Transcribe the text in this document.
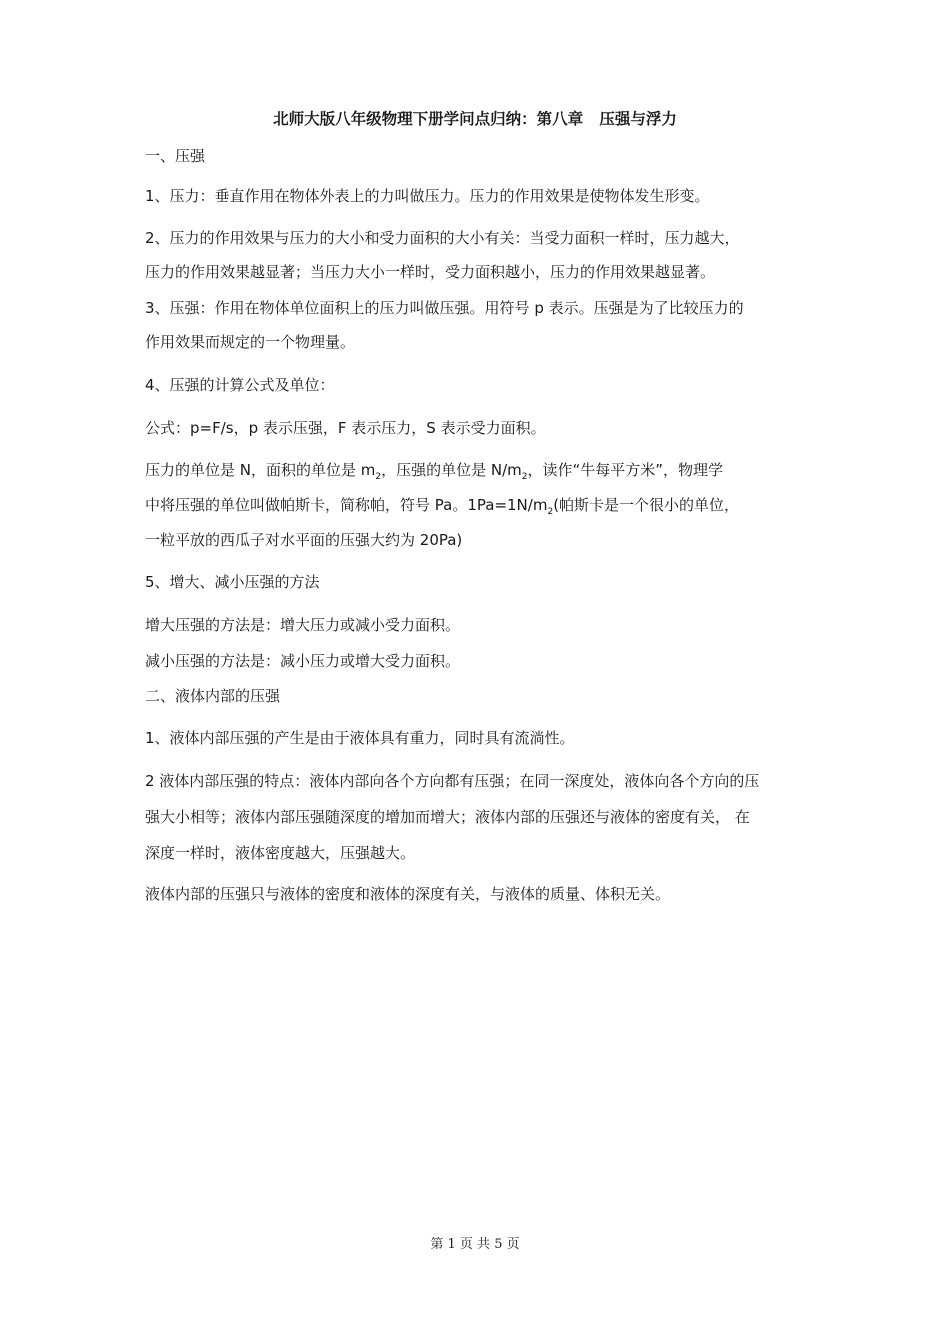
北师大版八年级物理下册学问点归纳：第八章   压强与浮力

一、压强

1、压力：垂直作用在物体外表上的力叫做压力。压力的作用效果是使物体发生形变。

2、压力的作用效果与压力的大小和受力面积的大小有关：当受力面积一样时，压力越大，

压力的作用效果越显著；当压力大小一样时，受力面积越小，压力的作用效果越显著。

3、压强：作用在物体单位面积上的压力叫做压强。用符号 p 表示。压强是为了比较压力的

作用效果而规定的一个物理量。

4、压强的计算公式及单位：

公式：p=F/s，p 表示压强，F 表示压力，S 表示受力面积。

压力的单位是 N，面积的单位是 $m_2$，压强的单位是 $N/m_2$，读作“牛每平方米”，物理学

中将压强的单位叫做帕斯卡，简称帕，符号 Pa。$1Pa=1N/m_2$(帕斯卡是一个很小的单位，

一粒平放的西瓜子对水平面的压强大约为 20Pa)

5、增大、减小压强的方法

增大压强的方法是：增大压力或减小受力面积。

减小压强的方法是：减小压力或增大受力面积。

二、液体内部的压强

1、液体内部压强的产生是由于液体具有重力，同时具有流淌性。

2 液体内部压强的特点：液体内部向各个方向都有压强；在同一深度处，液体向各个方向的压

强大小相等；液体内部压强随深度的增加而增大；液体内部的压强还与液体的密度有关， 在

深度一样时，液体密度越大，压强越大。

液体内部的压强只与液体的密度和液体的深度有关，与液体的质量、体积无关。

第 1 页 共 5 页
